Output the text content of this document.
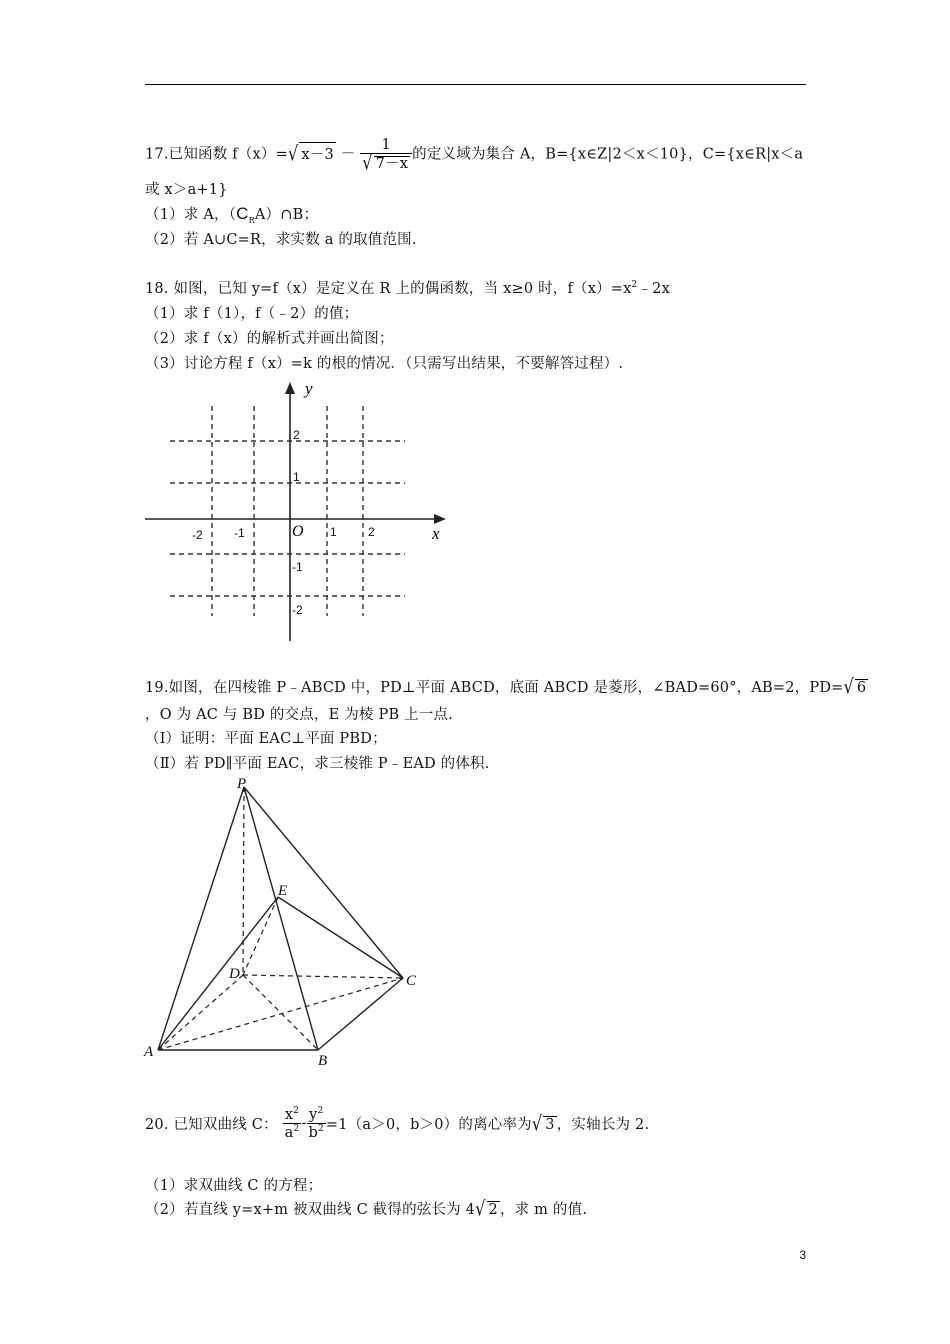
17.已知函数 f（x）=√ $x-3 - \frac{1}{√ 7-x}$ 的定义域为集合 A，B={x∈Z|2＜x＜10}，C={x∈R|x＜a
或 x＞a+1}
（1）求 A，$(C_RA)\cap B$；
（2）若 A∪C=R，求实数 a 的取值范围.
18. 如图，已知 y=f（x）是定义在 R 上的偶函数，当 x≥0 时，$f(x)=x^2﹣2x$
（1）求 f（1），f（﹣2）的值；
（2）求 f（x）的解析式并画出简图；
（3）讨论方程 f（x）=k 的根的情况．（只需写出结果，不要解答过程）.
y
x
O
-2	-1	1	2
2
1
-1
-2
19.如图，在四棱锥 P﹣ABCD 中，PD⊥平面 ABCD，底面 ABCD 是菱形，∠BAD=60°，AB=2，PD=√ 6
，O 为 AC 与 BD 的交点，E 为棱 PB 上一点.
（Ⅰ）证明：平面 EAC⊥平面 PBD；
（Ⅱ）若 PD∥平面 EAC，求三棱锥 P﹣EAD 的体积.
P
E
D	C
A
B
20. 已知双曲线 C： $\frac{x^2}{a^2} - \frac{y^2}{b^2} =1(a>0$，b＞0）的离心率为√ 3 ，实轴长为 2.
（1）求双曲线 C 的方程；
（2）若直线 y=x+m 被双曲线 C 截得的弦长为 4√ 2 ，求 m 的值.
3
